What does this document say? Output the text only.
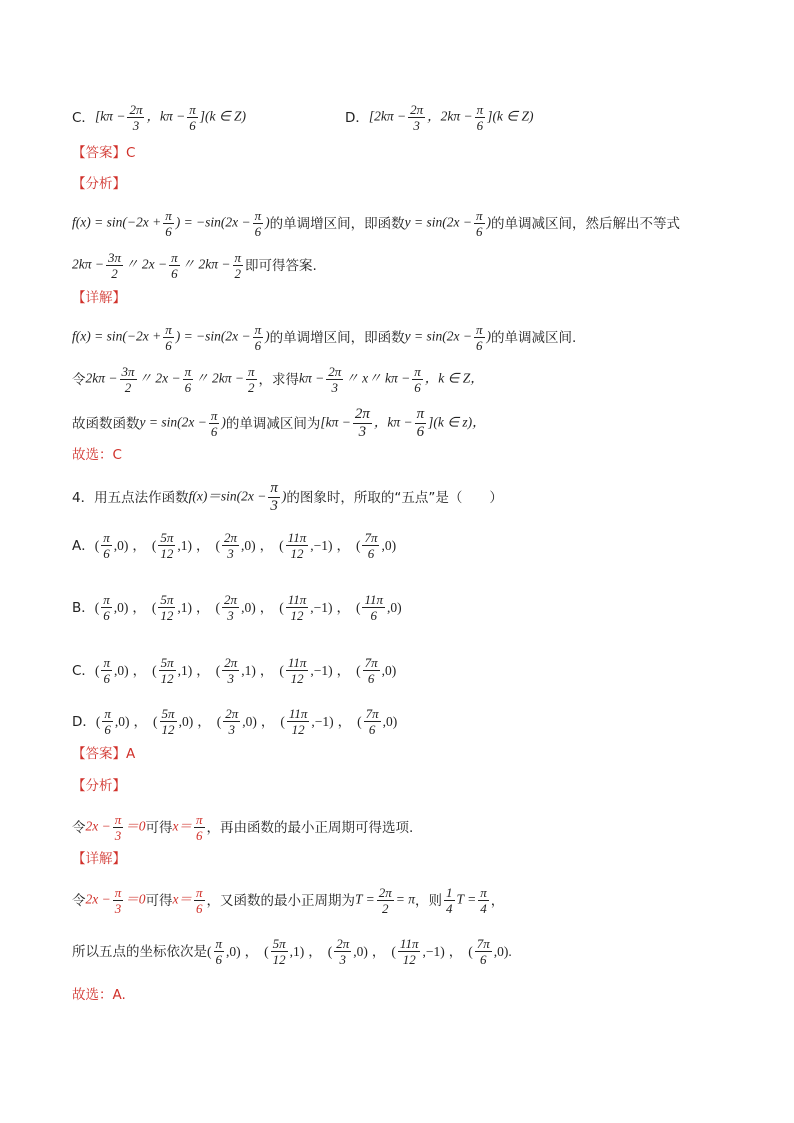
C． [$k\pi - \frac{2\pi}{3}$ ，$k\pi - \frac{\pi}{6} ](k$ ∈ Z)	D． [$2k\pi - \frac{2\pi}{3}$ ，$2k\pi - \frac{\pi}{6} ](k$ ∈ Z)
【答案】C
【分析】
$f(x) = \sin(-2x + \frac{\pi}{6}$ ) = $-\sin(2x - \frac{\pi}{6}$ ) 的单调增区间，即函数 $y = \sin(2x - \frac{\pi}{6}$ ) 的单调减区间，然后解出不等式
$2k\pi - \frac{3\pi}{2}$ 〃 $2x - \frac{\pi}{6}$ 〃 $2k\pi - \frac{\pi}{2}$ 即可得答案.
【详解】
$f(x) = \sin(-2x + \frac{\pi}{6}$ ) = $-\sin(2x - \frac{\pi}{6}$ ) 的单调增区间，即函数 $y = \sin(2x - \frac{\pi}{6}$ ) 的单调减区间.
令 $2k\pi - \frac{3\pi}{2}$ 〃 $2x - \frac{\pi}{6}$ 〃 $2k\pi - \frac{\pi}{2}$ ，求得 $k\pi - \frac{2\pi}{3}$ 〃 x〃 $k\pi - \frac{\pi}{6}$ ，k ∈ Z，
故函数函数 $y = \sin(2x - \frac{\pi}{6}$ ) 的单调减区间为 [$k\pi - \frac{2\pi}{3}$ ，$k\pi - \frac{\pi}{6} ](k$ ∈ z)，
故选：C
4． 用五点法作函数 $f(x)=\sin(2x - \frac{\pi}{3}$ ) 的图象时，所取的“五点”是（　　）
A． ( $\frac{\pi}{6} ,0$) ， ( $\frac{5\pi}{12} ,1$) ， ( $\frac{2\pi}{3} ,0$) ， ( $\frac{11\pi}{12} ,-1$) ， ( $\frac{7\pi}{6} ,0$)
B． ( $\frac{\pi}{6} ,0$) ， ( $\frac{5\pi}{12} ,1$) ， ( $\frac{2\pi}{3} ,0$) ， ( $\frac{11\pi}{12} ,-1$) ， ( $\frac{11\pi}{6} ,0$)
C． ( $\frac{\pi}{6} ,0$) ， ( $\frac{5\pi}{12} ,1$) ， ( $\frac{2\pi}{3} ,1$) ， ( $\frac{11\pi}{12} ,-1$) ， ( $\frac{7\pi}{6} ,0$)
D． ( $\frac{\pi}{6} ,0$) ， ( $\frac{5\pi}{12} ,0$) ， ( $\frac{2\pi}{3} ,0$) ， ( $\frac{11\pi}{12} ,-1$) ， ( $\frac{7\pi}{6} ,0$)
【答案】A
【分析】
令 $2x - \frac{\pi}{3} =0$ 可得 $x= \frac{\pi}{6}$ ，再由函数的最小正周期可得选项.
【详解】
令 $2x - \frac{\pi}{3} =0$ 可得 $x= \frac{\pi}{6}$ ，又函数的最小正周期为 $T = \frac{2\pi}{2} = \pi$ ，则 $\frac{1}{4}$ $T = \frac{\pi}{4}$ ，
所以五点的坐标依次是 ( $\frac{\pi}{6} ,0$) ， ( $\frac{5\pi}{12} ,1$) ， ( $\frac{2\pi}{3} ,0$) ， ( $\frac{11\pi}{12} ,-1$) ， ( $\frac{7\pi}{6} ,0$).
故选：A.
